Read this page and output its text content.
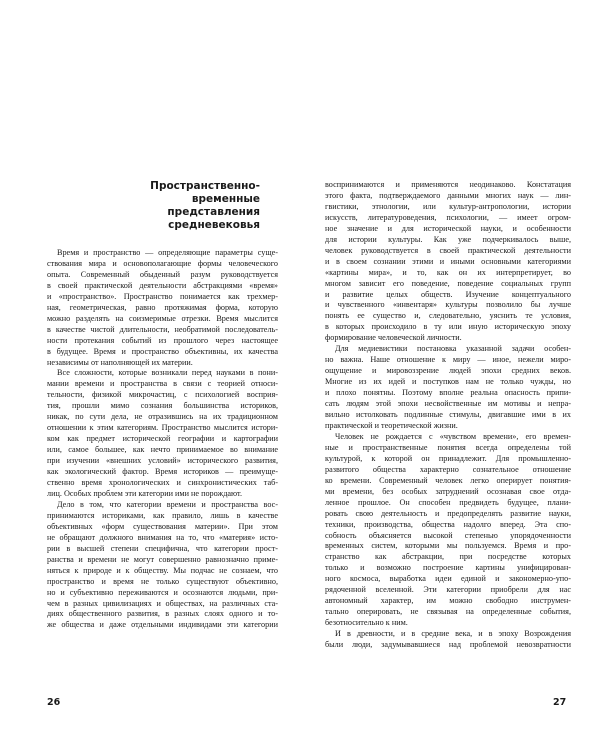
Пространственно-
временные
представления
средневековья
Время и пространство — определяющие параметры суще-
ствования мира и основополагающие формы человеческого
опыта. Современный обыденный разум руководствуется
в своей практической деятельности абстракциями «время»
и «пространство». Пространство понимается как трехмер-
ная, геометрическая, равно протяжимая форма, которую
можно разделять на соизмеримые отрезки. Время мыслится
в качестве чистой длительности, необратимой последователь-
ности протекания событий из прошлого через настоящее
в будущее. Время и пространство объективны, их качества
независимы от наполняющей их материи.
Все сложности, которые возникали перед науками в пони-
мании времени и пространства в связи с теорией относи-
тельности, физикой микрочастиц, с психологией восприя-
тия, прошли мимо сознания большинства историков,
никак, по сути дела, не отразившись на их традиционном
отношении к этим категориям. Пространство мыслится истори-
ком как предмет исторической географии и картографии
или, самое большее, как нечто принимаемое во внимание
при изучении «внешних условий» исторического развития,
как экологический фактор. Время историков — преимуще-
ственно время хронологических и синхронистических таб-
лиц. Особых проблем эти категории ими не порождают.
Дело в том, что категории времени и пространства вос-
принимаются историками, как правило, лишь в качестве
объективных «форм существования материи». При этом
не обращают должного внимания на то, что «материя» исто-
рии в высшей степени специфична, что категории прост-
ранства и времени не могут совершенно равнозначно приме-
няться к природе и к обществу. Мы подчас не сознаем, что
пространство и время не только существуют объективно,
но и субъективно переживаются и осознаются людьми, при-
чем в разных цивилизациях и обществах, на различных ста-
диях общественного развития, в разных слоях одного и то-
же общества и даже отдельными индивидами эти категории
26
воспринимаются и применяются неодинаково. Констатация
этого факта, подтверждаемого данными многих наук — лин-
гвистики, этнологии, или культур-антропологии, истории
искусств, литературоведения, психологии, — имеет огром-
ное значение и для исторической науки, и особенности
для истории культуры. Как уже подчеркивалось выше,
человек руководствуется в своей практической деятельности
и в своем сознании этими и иными основными категориями
«картины мира», и то, как он их интерпретирует, во
многом зависит его поведение, поведение социальных групп
и развитие целых обществ. Изучение концептуального
и чувственного «инвентаря» культуры позволило бы лучше
понять ее существо и, следовательно, уяснить те условия,
в которых происходило в ту или иную историческую эпоху
формирование человеческой личности.
Для медиевистики постановка указанной задачи особен-
но важна. Наше отношение к миру — иное, нежели миро-
ощущение и мировоззрение людей эпохи средних веков.
Многие из их идей и поступков нам не только чужды, но
и плохо понятны. Поэтому вполне реальна опасность припи-
сать людям этой эпохи несвойственные им мотивы и непра-
вильно истолковать подлинные стимулы, двигавшие ими в их
практической и теоретической жизни.
Человек не рождается с «чувством времени», его времен-
ные и пространственные понятия всегда определены той
культурой, к которой он принадлежит. Для промышленно-
развитого общества характерно сознательное отношение
ко времени. Современный человек легко оперирует понятия-
ми времени, без особых затруднений осознавая свое отда-
ленное прошлое. Он способен предвидеть будущее, плани-
ровать свою деятельность и предопределять развитие науки,
техники, производства, общества надолго вперед. Эта спо-
собность объясняется высокой степенью упорядоченности
временных систем, которыми мы пользуемся. Время и про-
странство как абстракции, при посредстве которых
только и возможно построение картины унифицирован-
ного космоса, выработка идеи единой и закономерно-упо-
рядоченной вселенной. Эти категории приобрели для нас
автономный характер, им можно свободно инструмен-
тально оперировать, не связывая на определенные события,
безотносительно к ним.
И в древности, и в средние века, и в эпоху Возрождения
были люди, задумывавшиеся над проблемой невозвратности
27
